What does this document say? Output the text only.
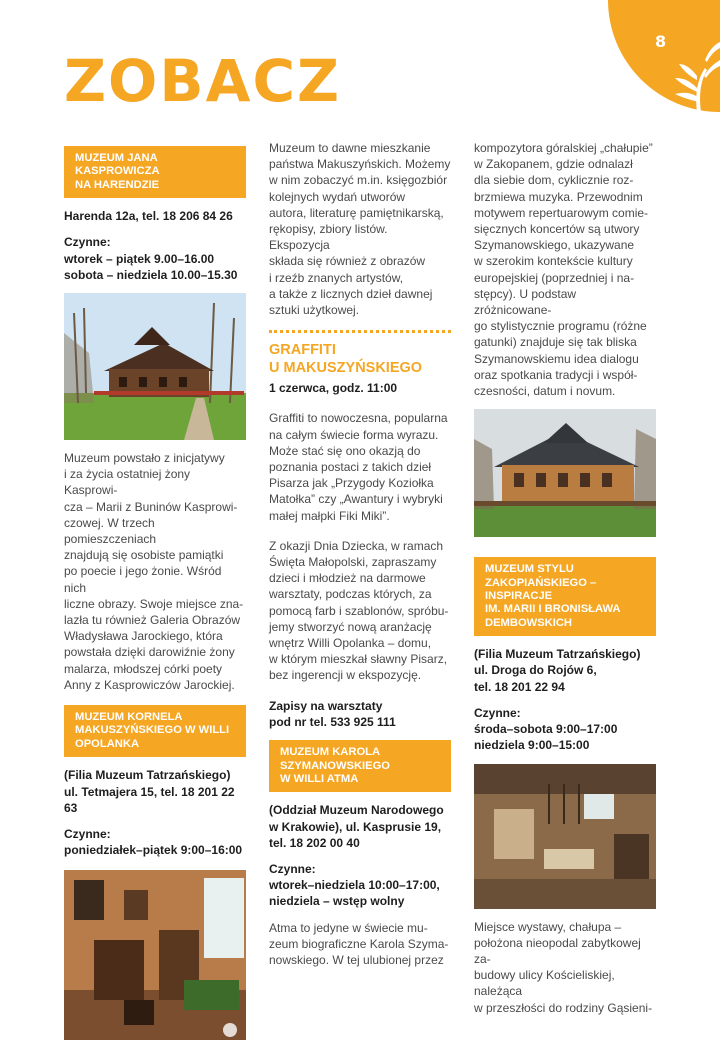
8
ZOBACZ
MUZEUM JANA
KASPROWICZA
NA HARENDZIE
Harenda 12a, tel. 18 206 84 26
Czynne:
wtorek – piątek 9.00–16.00
sobota – niedziela 10.00–15.30
Muzeum powstało z inicjatywy
i za życia ostatniej żony Kasprowi-
cza – Marii z Buninów Kasprowi-
czowej. W trzech pomieszczeniach
znajdują się osobiste pamiątki
po poecie i jego żonie. Wśród nich
liczne obrazy. Swoje miejsce zna-
lazła tu również Galeria Obrazów
Władysława Jarockiego, która
powstała dzięki darowiźnie żony
malarza, młodszej córki poety
Anny z Kasprowiczów Jarockiej.
MUZEUM KORNELA
MAKUSZYŃSKIEGO W WILLI
OPOLANKA
(Filia Muzeum Tatrzańskiego)
ul. Tetmajera 15, tel. 18 201 22 63
Czynne:
poniedziałek–piątek 9:00–16:00
Muzeum to dawne mieszkanie
państwa Makuszyńskich. Możemy
w nim zobaczyć m.in. księgozbiór
kolejnych wydań utworów
autora, literaturę pamiętnikarską,
rękopisy, zbiory listów. Ekspozycja
składa się również z obrazów
i rzeźb znanych artystów,
a także z licznych dzieł dawnej
sztuki użytkowej.
GRAFFITI
U MAKUSZYŃSKIEGO
1 czerwca, godz. 11:00
Graffiti to nowoczesna, popularna
na całym świecie forma wyrazu.
Może stać się ono okazją do
poznania postaci z takich dzieł
Pisarza jak „Przygody Koziołka
Matołka” czy „Awantury i wybryki
małej małpki Fiki Miki”.
Z okazji Dnia Dziecka, w ramach
Święta Małopolski, zapraszamy
dzieci i młodzież na darmowe
warsztaty, podczas których, za
pomocą farb i szablonów, spróbu-
jemy stworzyć nową aranżację
wnętrz Willi Opolanka – domu,
w którym mieszkał sławny Pisarz,
bez ingerencji w ekspozycję.
Zapisy na warsztaty
pod nr tel. 533 925 111
MUZEUM KAROLA
SZYMANOWSKIEGO
W WILLI ATMA
(Oddział Muzeum Narodowego
w Krakowie), ul. Kasprusie 19,
tel. 18 202 00 40
Czynne:
wtorek–niedziela 10:00–17:00,
niedziela – wstęp wolny
Atma to jedyne w świecie mu-
zeum biograficzne Karola Szyma-
nowskiego. W tej ulubionej przez
kompozytora góralskiej „chałupie”
w Zakopanem, gdzie odnalazł
dla siebie dom, cyklicznie roz-
brzmiewa muzyka. Przewodnim
motywem repertuarowym comie-
sięcznych koncertów są utwory
Szymanowskiego, ukazywane
w szerokim kontekście kultury
europejskiej (poprzedniej i na-
stępcy). U podstaw zróżnicowane-
go stylistycznie programu (różne
gatunki) znajduje się tak bliska
Szymanowskiemu idea dialogu
oraz spotkania tradycji i współ-
czesności, datum i novum.
MUZEUM STYLU
ZAKOPIAŃSKIEGO –
INSPIRACJE
IM. MARII I BRONISŁAWA
DEMBOWSKICH
(Filia Muzeum Tatrzańskiego)
ul. Droga do Rojów 6,
tel. 18 201 22 94
Czynne:
środa–sobota 9:00–17:00
niedziela 9:00–15:00
Miejsce wystawy, chałupa –
położona nieopodal zabytkowej za-
budowy ulicy Kościeliskiej, należąca
w przeszłości do rodziny Gąsieni-
